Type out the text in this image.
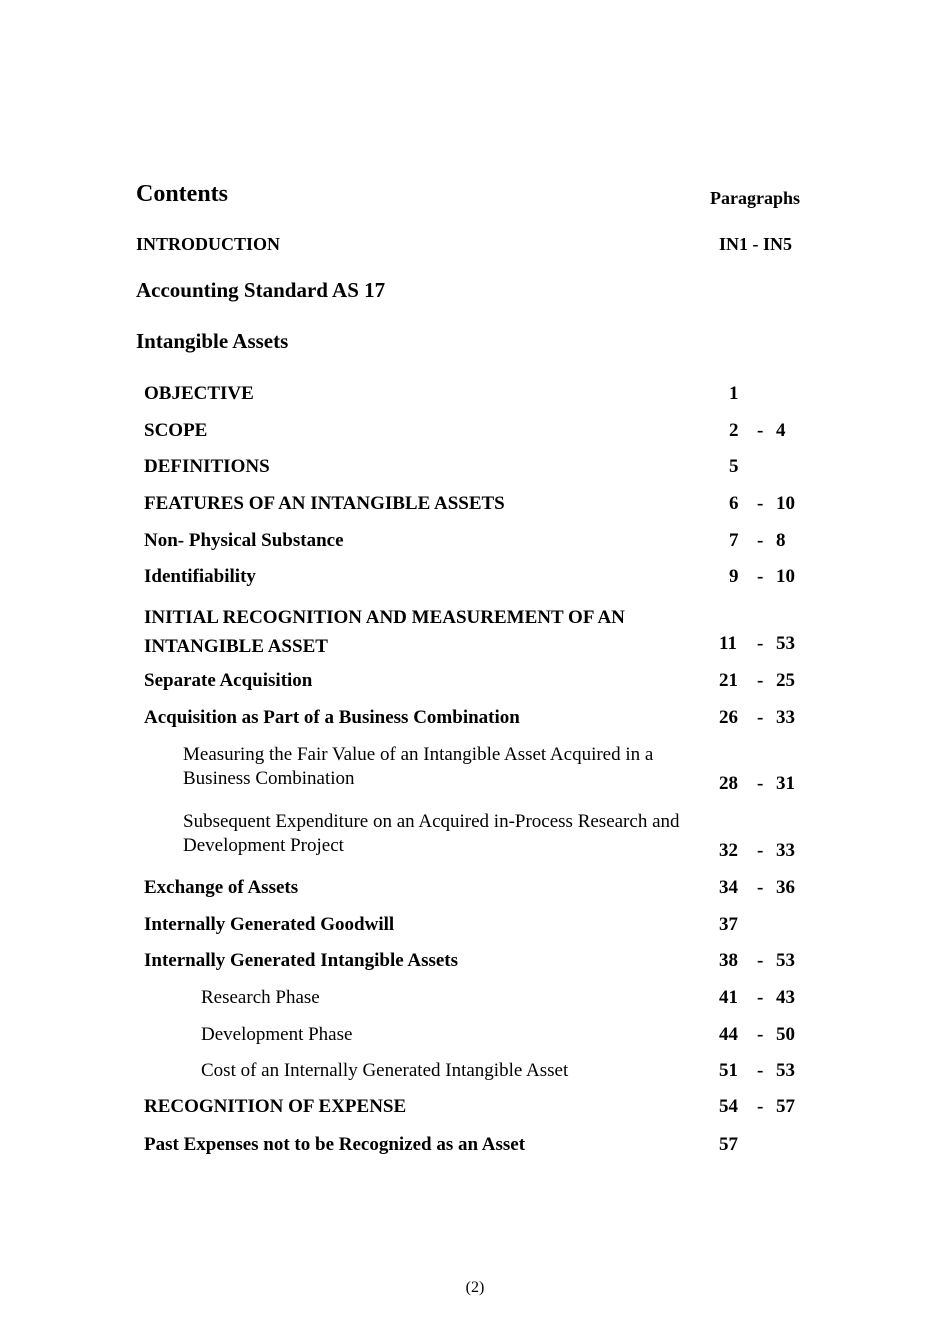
Contents	Paragraphs
INTRODUCTION	IN1 - IN5
Accounting Standard AS 17
Intangible Assets
OBJECTIVE	1
SCOPE	2 - 4
DEFINITIONS	5
FEATURES OF AN INTANGIBLE ASSETS	6 - 10
Non- Physical Substance	7 - 8
Identifiability	9 - 10
INITIAL RECOGNITION AND MEASUREMENT OF AN INTANGIBLE ASSET	11 - 53
Separate Acquisition	21 - 25
Acquisition as Part of a Business Combination	26 - 33
Measuring the Fair Value of an Intangible Asset Acquired in a Business Combination	28 - 31
Subsequent Expenditure on an Acquired in-Process Research and Development Project	32 - 33
Exchange of Assets	34 - 36
Internally Generated Goodwill	37
Internally Generated Intangible Assets	38 - 53
Research Phase	41 - 43
Development Phase	44 - 50
Cost of an Internally Generated Intangible Asset	51 - 53
RECOGNITION OF EXPENSE	54 - 57
Past Expenses not to be Recognized as an Asset	57
(2)
